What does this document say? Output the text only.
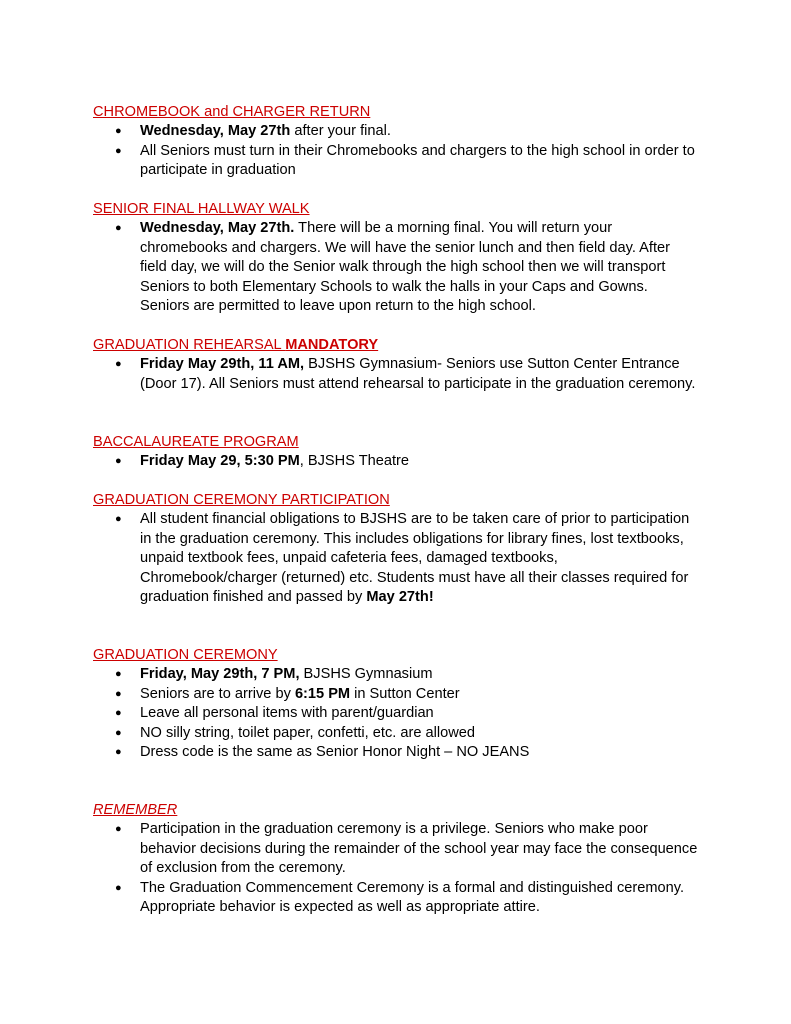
CHROMEBOOK and CHARGER RETURN
● Wednesday, May 27th after your final.
● All Seniors must turn in their Chromebooks and chargers to the high school in order to participate in graduation
SENIOR FINAL HALLWAY WALK
● Wednesday, May 27th. There will be a morning final. You will return your chromebooks and chargers. We will have the senior lunch and then field day. After field day, we will do the Senior walk through the high school then we will transport Seniors to both Elementary Schools to walk the halls in your Caps and Gowns. Seniors are permitted to leave upon return to the high school.
GRADUATION REHEARSAL MANDATORY
● Friday May 29th, 11 AM, BJSHS Gymnasium- Seniors use Sutton Center Entrance (Door 17). All Seniors must attend rehearsal to participate in the graduation ceremony.
BACCALAUREATE PROGRAM
● Friday May 29, 5:30 PM, BJSHS Theatre
GRADUATION CEREMONY PARTICIPATION
● All student financial obligations to BJSHS are to be taken care of prior to participation in the graduation ceremony. This includes obligations for library fines, lost textbooks, unpaid textbook fees, unpaid cafeteria fees, damaged textbooks, Chromebook/charger (returned) etc. Students must have all their classes required for graduation finished and passed by May 27th!
GRADUATION CEREMONY
● Friday, May 29th, 7 PM, BJSHS Gymnasium
● Seniors are to arrive by 6:15 PM in Sutton Center
● Leave all personal items with parent/guardian
● NO silly string, toilet paper, confetti, etc. are allowed
● Dress code is the same as Senior Honor Night – NO JEANS
REMEMBER
● Participation in the graduation ceremony is a privilege. Seniors who make poor behavior decisions during the remainder of the school year may face the consequence of exclusion from the ceremony.
● The Graduation Commencement Ceremony is a formal and distinguished ceremony. Appropriate behavior is expected as well as appropriate attire.
